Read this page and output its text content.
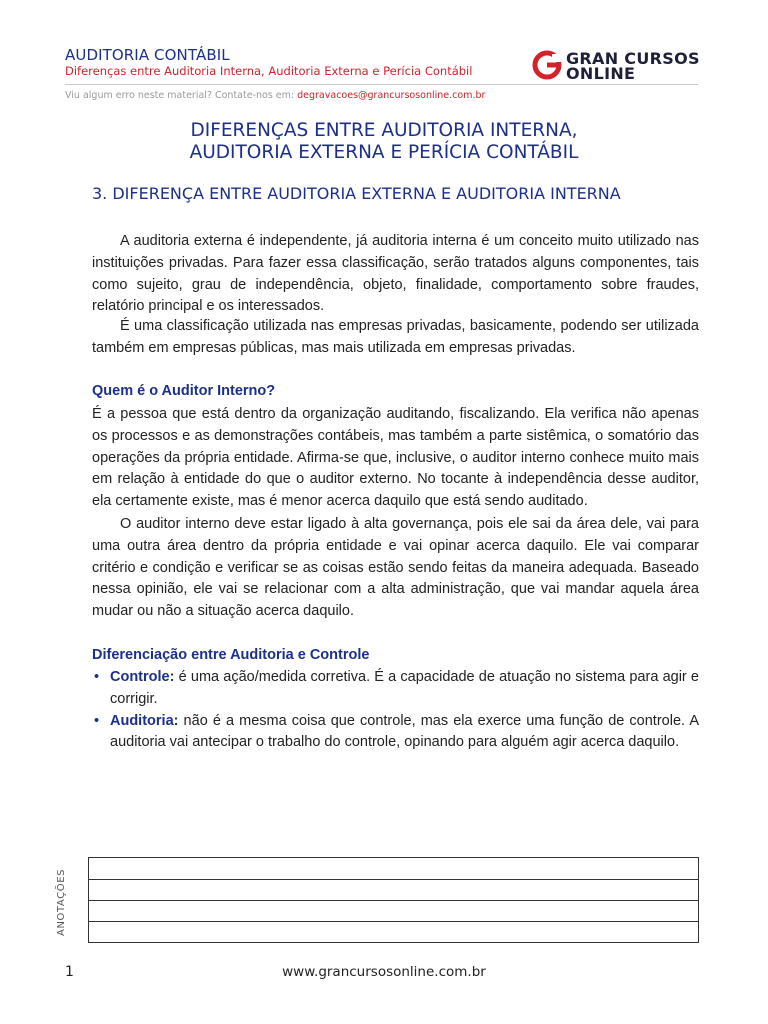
AUDITORIA CONTÁBIL
Diferenças entre Auditoria Interna, Auditoria Externa e Perícia Contábil
GRAN CURSOS
ONLINE
Viu algum erro neste material? Contate-nos em: degravacoes@grancursosonline.com.br
DIFERENÇAS ENTRE AUDITORIA INTERNA,
AUDITORIA EXTERNA E PERÍCIA CONTÁBIL
3. DIFERENÇA ENTRE AUDITORIA EXTERNA E AUDITORIA INTERNA

A auditoria externa é independente, já auditoria interna é um conceito muito utilizado nas instituições privadas. Para fazer essa classificação, serão tratados alguns componentes, tais como sujeito, grau de independência, objeto, finalidade, comportamento sobre fraudes, relatório principal e os interessados.

É uma classificação utilizada nas empresas privadas, basicamente, podendo ser utilizada também em empresas públicas, mas mais utilizada em empresas privadas.

Quem é o Auditor Interno?

É a pessoa que está dentro da organização auditando, fiscalizando. Ela verifica não apenas os processos e as demonstrações contábeis, mas também a parte sistêmica, o somatório das operações da própria entidade. Afirma-se que, inclusive, o auditor interno conhece muito mais em relação à entidade do que o auditor externo. No tocante à independência desse auditor, ela certamente existe, mas é menor acerca daquilo que está sendo auditado.

O auditor interno deve estar ligado à alta governança, pois ele sai da área dele, vai para uma outra área dentro da própria entidade e vai opinar acerca daquilo. Ele vai comparar critério e condição e verificar se as coisas estão sendo feitas da maneira adequada. Baseado nessa opinião, ele vai se relacionar com a alta administração, que vai mandar aquela área mudar ou não a situação acerca daquilo.

Diferenciação entre Auditoria e Controle
• Controle: é uma ação/medida corretiva. É a capacidade de atuação no sistema para agir e corrigir.
• Auditoria: não é a mesma coisa que controle, mas ela exerce uma função de controle. A auditoria vai antecipar o trabalho do controle, opinando para alguém agir acerca daquilo.
ANOTAÇÕES
1	www.grancursosonline.com.br
